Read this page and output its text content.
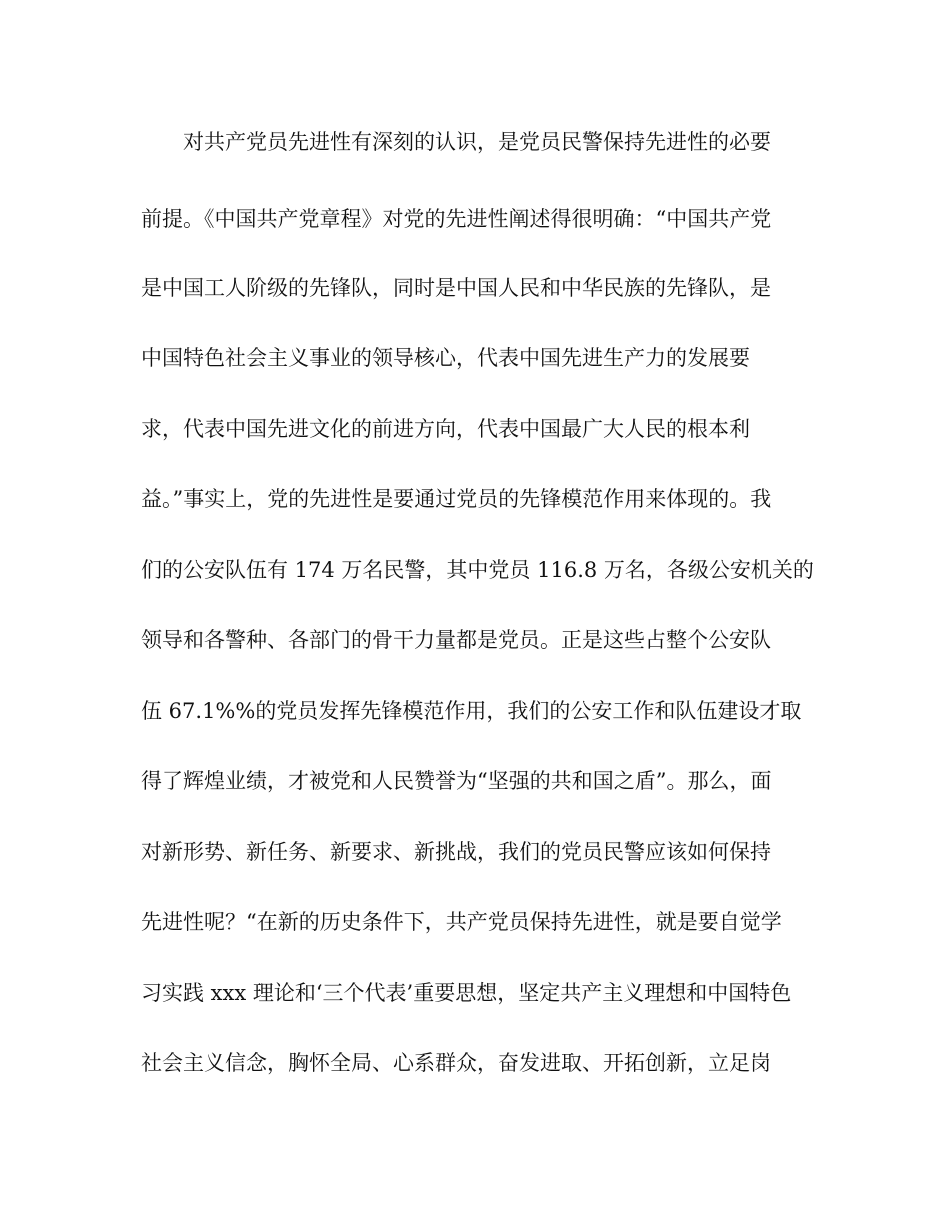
　　对共产党员先进性有深刻的认识，是党员民警保持先进性的必要
前提。《中国共产党章程》对党的先进性阐述得很明确：“中国共产党
是中国工人阶级的先锋队，同时是中国人民和中华民族的先锋队，是
中国特色社会主义事业的领导核心，代表中国先进生产力的发展要
求，代表中国先进文化的前进方向，代表中国最广大人民的根本利
益。”事实上，党的先进性是要通过党员的先锋模范作用来体现的。我
们的公安队伍有 174 万名民警，其中党员 116.8 万名，各级公安机关的
领导和各警种、各部门的骨干力量都是党员。正是这些占整个公安队
伍 67.1%%的党员发挥先锋模范作用，我们的公安工作和队伍建设才取
得了辉煌业绩，才被党和人民赞誉为“坚强的共和国之盾”。那么，面
对新形势、新任务、新要求、新挑战，我们的党员民警应该如何保持
先进性呢？“在新的历史条件下，共产党员保持先进性，就是要自觉学
习实践 xxx 理论和‘三个代表’重要思想，坚定共产主义理想和中国特色
社会主义信念，胸怀全局、心系群众，奋发进取、开拓创新，立足岗
